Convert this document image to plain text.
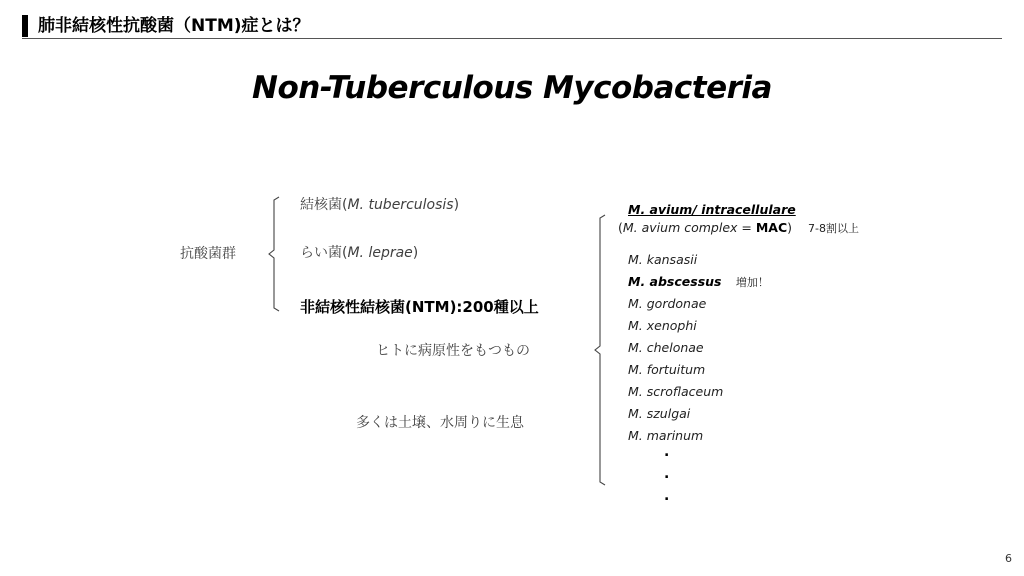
肺非結核性抗酸菌（NTM)症とは？
Non-Tuberculous Mycobacteria
抗酸菌群
結核菌(M. tuberculosis)
らい菌(M. leprae)
非結核性結核菌(NTM):200種以上
ヒトに病原性をもつもの
多くは土壌、水周りに生息
M. avium/ intracellulare
(M. avium complex = MAC) 7-8割以上
M. kansasii
M. abscessus 増加！
M. gordonae
M. xenophi
M. chelonae
M. fortuitum
M. scroflaceum
M. szulgai
M. marinum
.
.
.
6
